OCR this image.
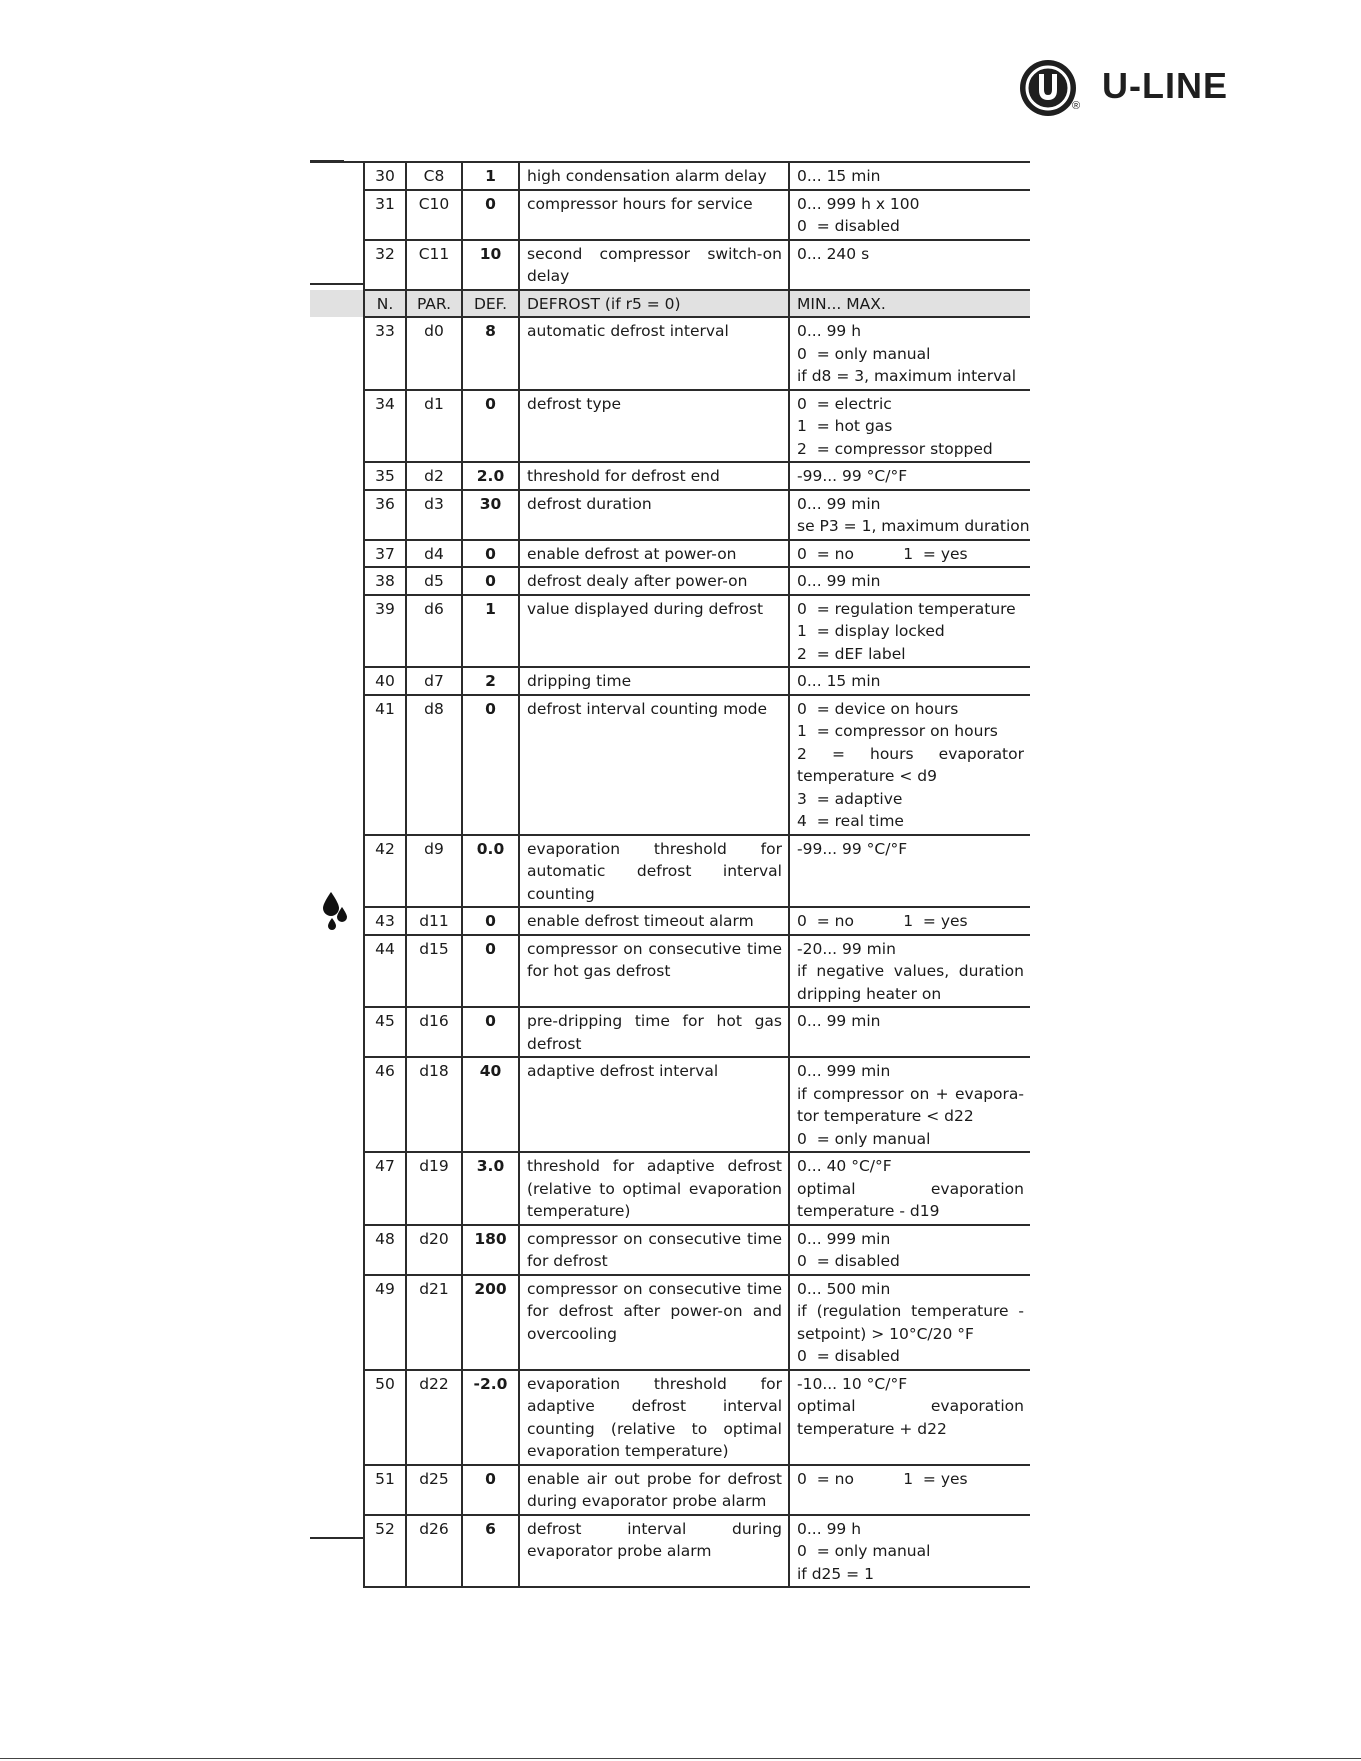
® U-LINE
	30	C8	1	high condensation alarm delay	0... 15 min

	31	C10	0	compressor hours for service	0... 999 h x 100
0  = disabled

	32	C11	10	second compressor switch-on delay	0... 240 s

	N.	PAR.	DEF.	DEFROST (if r5 = 0)	MIN... MAX.
	33	d0	8	automatic defrost interval	0... 99 h
0  = only manual
if d8 = 3, maximum interval

	34	d1	0	defrost type	0  = electric
1  = hot gas
2  = compressor stopped

	35	d2	2.0	threshold for defrost end	-99... 99 °C/°F

	36	d3	30	defrost duration	0... 99 min
se P3 = 1, maximum duration

	37	d4	0	enable defrost at power-on	0  = no          1  = yes

	38	d5	0	defrost dealy after power-on	0... 99 min

	39	d6	1	value displayed during defrost	0  = regulation temperature
1  = display locked
2  = dEF label

	40	d7	2	dripping time	0... 15 min

	41	d8	0	defrost interval counting mode	0  = device on hours
1  = compressor on hours
2 = hours evaporator temperature < d9
3  = adaptive
4  = real time

	42	d9	0.0	evaporation threshold for automatic defrost interval counting	-99... 99 °C/°F

	43	d11	0	enable defrost timeout alarm	0  = no          1  = yes

	44	d15	0	compressor on consecutive time for hot gas defrost	-20... 99 min
if negative values, duration dripping heater on

	45	d16	0	pre-dripping time for hot gas defrost	0... 99 min

	46	d18	40	adaptive defrost interval	0... 999 min
if compressor on + evapora-tor temperature < d22
0  = only manual

	47	d19	3.0	threshold for adaptive defrost (relative to optimal evaporation temperature)	0... 40 °C/°F
optimal evaporation temperature - d19

	48	d20	180	compressor on consecutive time for defrost	0... 999 min
0  = disabled

	49	d21	200	compressor on consecutive time for defrost after power-on and overcooling	0... 500 min
if (regulation temperature - setpoint) > 10°C/20 °F
0  = disabled

	50	d22	-2.0	evaporation threshold for adaptive defrost interval counting (relative to optimal evaporation temperature)	-10... 10 °C/°F
optimal evaporation temperature + d22

	51	d25	0	enable air out probe for defrost during evaporator probe alarm	0  = no          1  = yes

	52	d26	6	defrost interval during evaporator probe alarm	0... 99 h
0  = only manual
if d25 = 1
